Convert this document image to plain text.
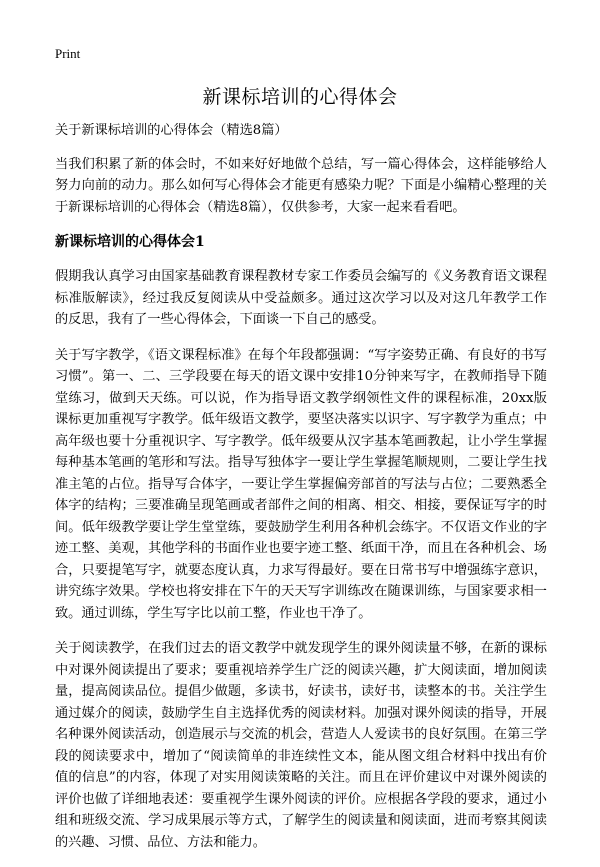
Print
新课标培训的心得体会

关于新课标培训的心得体会（精选8篇）

当我们积累了新的体会时，不如来好好地做个总结，写一篇心得体会，这样能够给人努力向前的动力。那么如何写心得体会才能更有感染力呢？下面是小编精心整理的关于新课标培训的心得体会（精选8篇），仅供参考，大家一起来看看吧。

新课标培训的心得体会1

假期我认真学习由国家基础教育课程教材专家工作委员会编写的《义务教育语文课程标准版解读》，经过我反复阅读从中受益颇多。通过这次学习以及对这几年教学工作的反思，我有了一些心得体会，下面谈一下自己的感受。

关于写字教学，《语文课程标准》在每个年段都强调：“写字姿势正确、有良好的书写习惯”。第一、二、三学段要在每天的语文课中安排10分钟来写字，在教师指导下随堂练习，做到天天练。可以说，作为指导语文教学纲领性文件的课程标准，20xx版课标更加重视写字教学。低年级语文教学，要坚决落实以识字、写字教学为重点；中高年级也要十分重视识字、写字教学。低年级要从汉字基本笔画教起，让小学生掌握每种基本笔画的笔形和写法。指导写独体字一要让学生掌握笔顺规则，二要让学生找准主笔的占位。指导写合体字，一要让学生掌握偏旁部首的写法与占位；二要熟悉全体字的结构；三要准确呈现笔画或者部件之间的相离、相交、相接，要保证写字的时间。低年级教学要让学生堂堂练，要鼓励学生利用各种机会练字。不仅语文作业的字迹工整、美观，其他学科的书面作业也要字迹工整、纸面干净，而且在各种机会、场合，只要提笔写字，就要态度认真，力求写得最好。要在日常书写中增强练字意识，讲究练字效果。学校也将安排在下午的天天写字训练改在随课训练，与国家要求相一致。通过训练，学生写字比以前工整，作业也干净了。

关于阅读教学，在我们过去的语文教学中就发现学生的课外阅读量不够，在新的课标中对课外阅读提出了要求；要重视培养学生广泛的阅读兴趣，扩大阅读面，增加阅读量，提高阅读品位。提倡少做题，多读书，好读书，读好书，读整本的书。关注学生通过媒介的阅读，鼓励学生自主选择优秀的阅读材料。加强对课外阅读的指导，开展名种课外阅读活动，创造展示与交流的机会，营造人人爱读书的良好氛围。在第三学段的阅读要求中，增加了“阅读简单的非连续性文本，能从图文组合材料中找出有价值的信息”的内容，体现了对实用阅读策略的关注。而且在评价建议中对课外阅读的评价也做了详细地表述：要重视学生课外阅读的评价。应根据各学段的要求，通过小组和班级交流、学习成果展示等方式，了解学生的阅读量和阅读面，进而考察其阅读的兴趣、习惯、品位、方法和能力。
